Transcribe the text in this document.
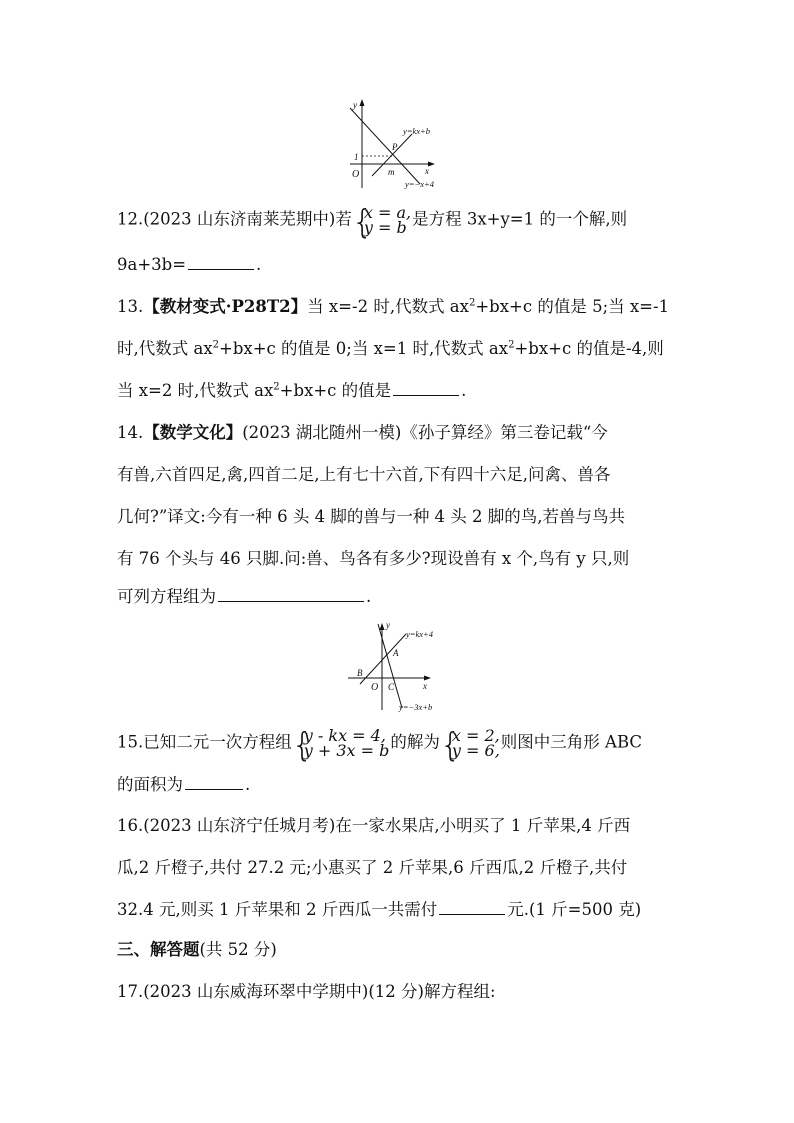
y
x
O
1
m
P
y=kx+b
y=−x+4
12.(2023 山东济南莱芜期中)若 {
x = a,
y = b 是方程 3x+y=1 的一个解,则
9a+3b=	.
13.【教材变式·P28T2】当 x=-2 时,代数式 $ax^2+bx+c$ 的值是 5;当 x=-1
时,代数式 $ax^2+bx+c$ 的值是 0;当 x=1 时,代数式 $ax^2+bx+c$ 的值是-4,则
当 x=2 时,代数式 $ax^2+bx+c$ 的值是	.
14.【数学文化】(2023 湖北随州一模)《孙子算经》第三卷记载“今
有兽,六首四足,禽,四首二足,上有七十六首,下有四十六足,问禽、兽各
几何?”译文:今有一种 6 头 4 脚的兽与一种 4 头 2 脚的鸟,若兽与鸟共
有 76 个头与 46 只脚.问:兽、鸟各有多少?现设兽有 x 个,鸟有 y 只,则
可列方程组为	.
y
x
O
A
B
C
y=kx+4
y=−3x+b
15.已知二元一次方程组 {
y - kx = 4,
y + 3x = b 的解为 {
x = 2,
y = 6, 则图中三角形 ABC
的面积为	.
16.(2023 山东济宁任城月考)在一家水果店,小明买了 1 斤苹果,4 斤西
瓜,2 斤橙子,共付 27.2 元;小惠买了 2 斤苹果,6 斤西瓜,2 斤橙子,共付
32.4 元,则买 1 斤苹果和 2 斤西瓜一共需付	元.(1 斤=500 克)
三、解答题(共 52 分)
17.(2023 山东威海环翠中学期中)(12 分)解方程组:
